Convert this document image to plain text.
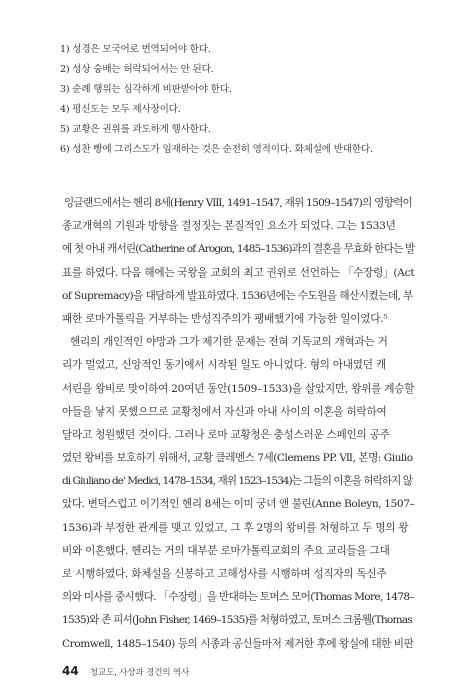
1) 성경은 모국어로 번역되어야 한다.
2) 성상 숭배는 허락되어서는 안 된다.
3) 순례 행위는 심각하게 비판받아야 한다.
4) 평신도는 모두 제사장이다.
5) 교황은 권위를 과도하게 행사한다.
6) 성찬 빵에 그리스도가 임재하는 것은 순전히 영적이다. 화체설에 반대한다.
잉글랜드에서는 헨리 8세(Henry Ⅷ, 1491–1547, 재위 1509–1547)의 영향력이
종교개혁의 기원과 방향을 결정짓는 본질적인 요소가 되었다. 그는 1533년
에 첫 아내 캐서린(Catherine of Arogon, 1485–1536)과의 결혼을 무효화 한다는 발
표를 하였다. 다음 해에는 국왕을 교회의 최고 권위로 선언하는 「수장령」(Act
of Supremacy)을 대담하게 발표하였다. 1536년에는 수도원을 해산시켰는데, 부
패한 로마가톨릭을 거부하는 반성직주의가 팽배했기에 가능한 일이었다.⁵
헨리의 개인적인 야망과 그가 제기한 문제는 전혀 기독교의 개혁과는 거
리가 멀었고, 신앙적인 동기에서 시작된 일도 아니었다. 형의 아내였던 캐
서린을 왕비로 맞이하여 20여년 동안(1509–1533)을 살았지만, 왕위를 계승할
아들을 낳지 못했으므로 교황청에서 자신과 아내 사이의 이혼을 허락하여
달라고 청원했던 것이다. 그러나 로마 교황청은 충성스러운 스페인의 공주
였던 왕비를 보호하기 위해서, 교황 클레멘스 7세(Clemens PP. Ⅶ, 본명: Giulio
di Giuliano de' Medici, 1478–1534, 재위 1523–1534)는 그들의 이혼을 허락하지 않
았다. 변덕스럽고 이기적인 헨리 8세는 이미 궁녀 앤 불린(Anne Boleyn, 1507–
1536)과 부정한 관계를 맺고 있었고, 그 후 2명의 왕비를 처형하고 두 명의 왕
비와 이혼했다. 헨리는 거의 대부분 로마가톨릭교회의 주요 교리들을 그대
로 시행하였다. 화체설을 신봉하고 고해성사를 시행하며 성직자의 독신주
의와 미사를 중시했다. 「수장령」을 반대하는 토머스 모어(Thomas More, 1478–
1535)와 존 피셔(John Fisher, 1469–1535)를 처형하였고, 토머스 크롬웰(Thomas
Cromwell, 1485–1540) 등의 시종과 공신들마저 제거한 후에 왕실에 대한 비판
44 청교도, 사상과 경건의 역사
